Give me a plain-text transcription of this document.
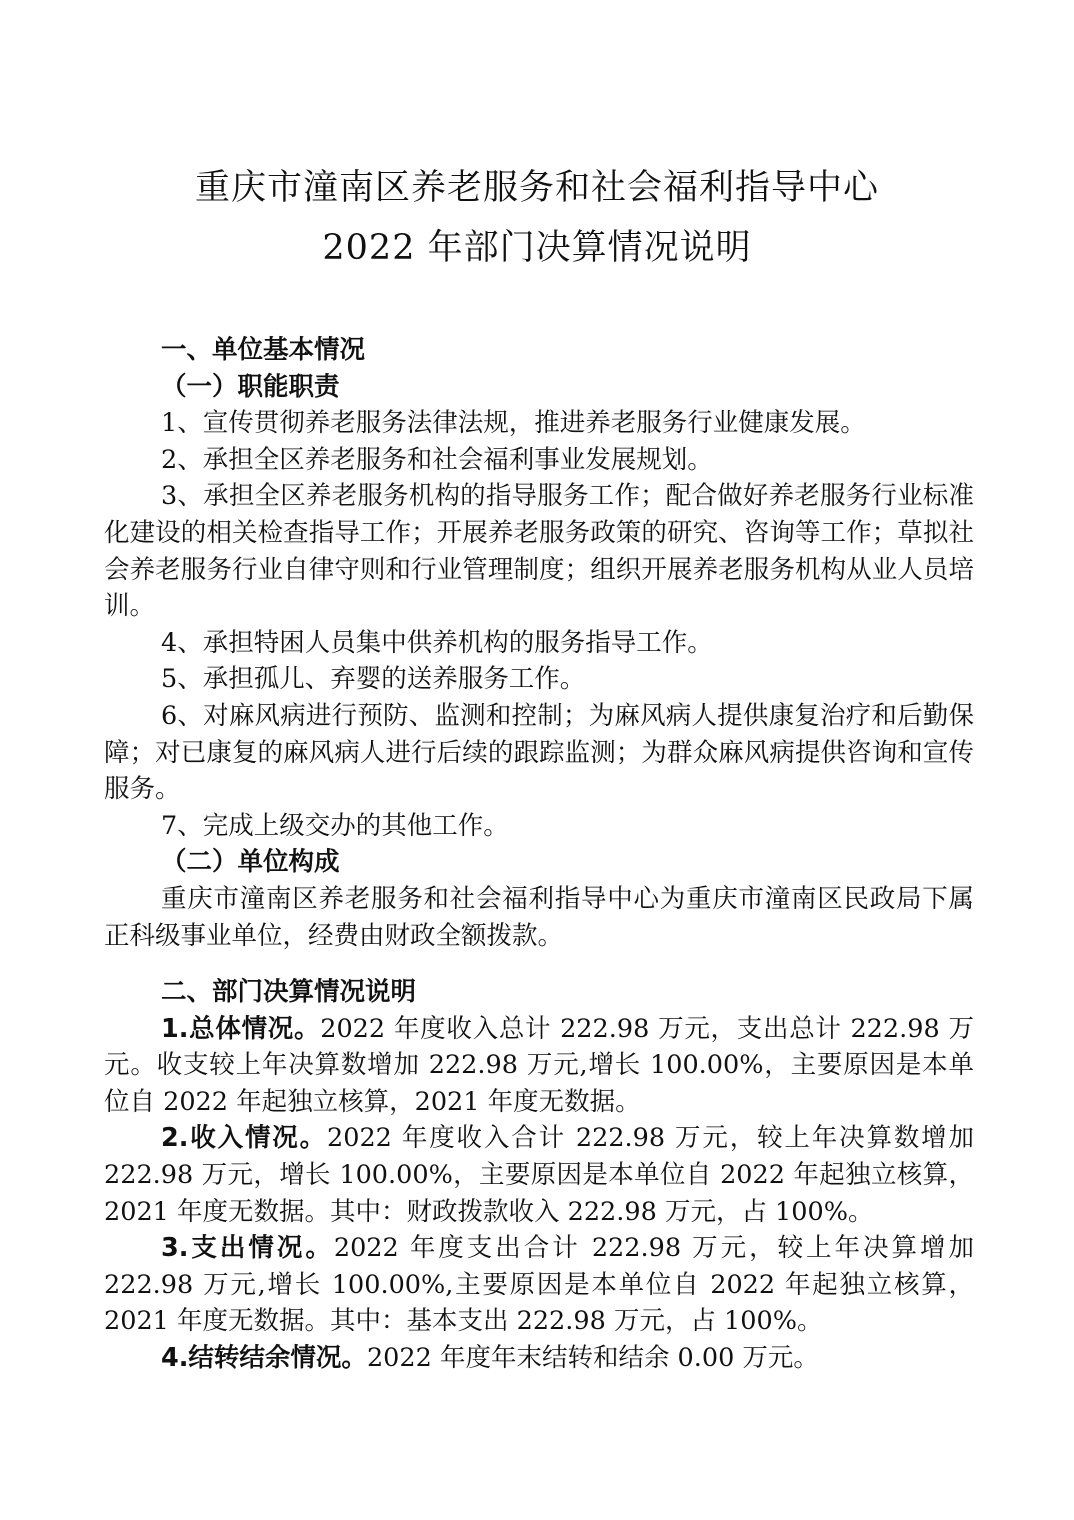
重庆市潼南区养老服务和社会福利指导中心
2022 年部门决算情况说明
一、单位基本情况
（一）职能职责

1、宣传贯彻养老服务法律法规，推进养老服务行业健康发展。

2、承担全区养老服务和社会福利事业发展规划。

3、承担全区养老服务机构的指导服务工作；配合做好养老服务行业标准化建设的相关检查指导工作；开展养老服务政策的研究、咨询等工作；草拟社会养老服务行业自律守则和行业管理制度；组织开展养老服务机构从业人员培训。

4、承担特困人员集中供养机构的服务指导工作。

5、承担孤儿、弃婴的送养服务工作。

6、对麻风病进行预防、监测和控制；为麻风病人提供康复治疗和后勤保障；对已康复的麻风病人进行后续的跟踪监测；为群众麻风病提供咨询和宣传服务。

7、完成上级交办的其他工作。

（二）单位构成

重庆市潼南区养老服务和社会福利指导中心为重庆市潼南区民政局下属正科级事业单位，经费由财政全额拨款。

二、部门决算情况说明

1.总体情况。2022 年度收入总计 222.98 万元，支出总计 222.98 万元。收支较上年决算数增加 222.98 万元,增长 100.00%，主要原因是本单位自 2022 年起独立核算，2021 年度无数据。

2.收入情况。2022 年度收入合计 222.98 万元，较上年决算数增加 222.98 万元，增长 100.00%，主要原因是本单位自 2022 年起独立核算，2021 年度无数据。其中：财政拨款收入 222.98 万元，占 100%。

3.支出情况。2022 年度支出合计 222.98 万元，较上年决算增加 222.98 万元,增长 100.00%,主要原因是本单位自 2022 年起独立核算，2021 年度无数据。其中：基本支出 222.98 万元，占 100%。

4.结转结余情况。2022 年度年末结转和结余 0.00 万元。
